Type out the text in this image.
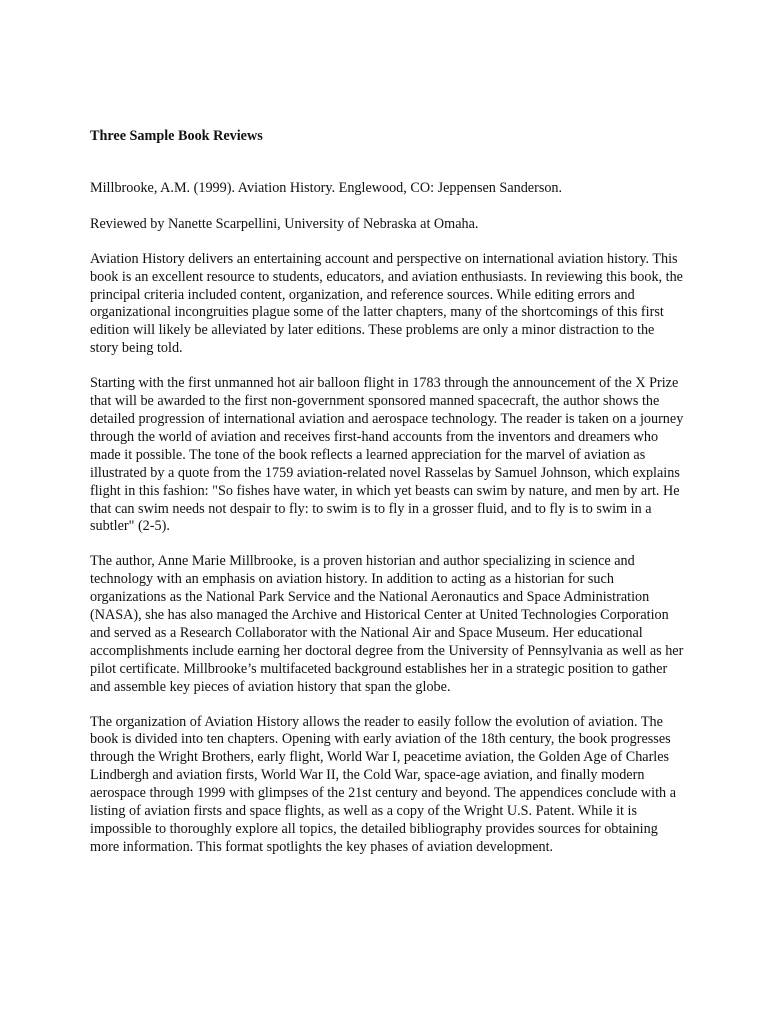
Three Sample Book Reviews
Millbrooke, A.M. (1999). Aviation History. Englewood, CO: Jeppensen Sanderson.
Reviewed by Nanette Scarpellini, University of Nebraska at Omaha.

Aviation History delivers an entertaining account and perspective on international aviation history. This book is an excellent resource to students, educators, and aviation enthusiasts. In reviewing this book, the principal criteria included content, organization, and reference sources. While editing errors and organizational incongruities plague some of the latter chapters, many of the shortcomings of this first edition will likely be alleviated by later editions. These problems are only a minor distraction to the story being told.

Starting with the first unmanned hot air balloon flight in 1783 through the announcement of the X Prize that will be awarded to the first non-government sponsored manned spacecraft, the author shows the detailed progression of international aviation and aerospace technology. The reader is taken on a journey through the world of aviation and receives first-hand accounts from the inventors and dreamers who made it possible. The tone of the book reflects a learned appreciation for the marvel of aviation as illustrated by a quote from the 1759 aviation-related novel Rasselas by Samuel Johnson, which explains flight in this fashion: "So fishes have water, in which yet beasts can swim by nature, and men by art. He that can swim needs not despair to fly: to swim is to fly in a grosser fluid, and to fly is to swim in a subtler" (2-5).

The author, Anne Marie Millbrooke, is a proven historian and author specializing in science and technology with an emphasis on aviation history. In addition to acting as a historian for such organizations as the National Park Service and the National Aeronautics and Space Administration (NASA), she has also managed the Archive and Historical Center at United Technologies Corporation and served as a Research Collaborator with the National Air and Space Museum. Her educational accomplishments include earning her doctoral degree from the University of Pennsylvania as well as her pilot certificate. Millbrooke’s multifaceted background establishes her in a strategic position to gather and assemble key pieces of aviation history that span the globe.

The organization of Aviation History allows the reader to easily follow the evolution of aviation. The book is divided into ten chapters. Opening with early aviation of the 18th century, the book progresses through the Wright Brothers, early flight, World War I, peacetime aviation, the Golden Age of Charles Lindbergh and aviation firsts, World War II, the Cold War, space-age aviation, and finally modern aerospace through 1999 with glimpses of the 21st century and beyond. The appendices conclude with a listing of aviation firsts and space flights, as well as a copy of the Wright U.S. Patent. While it is impossible to thoroughly explore all topics, the detailed bibliography provides sources for obtaining more information. This format spotlights the key phases of aviation development.
